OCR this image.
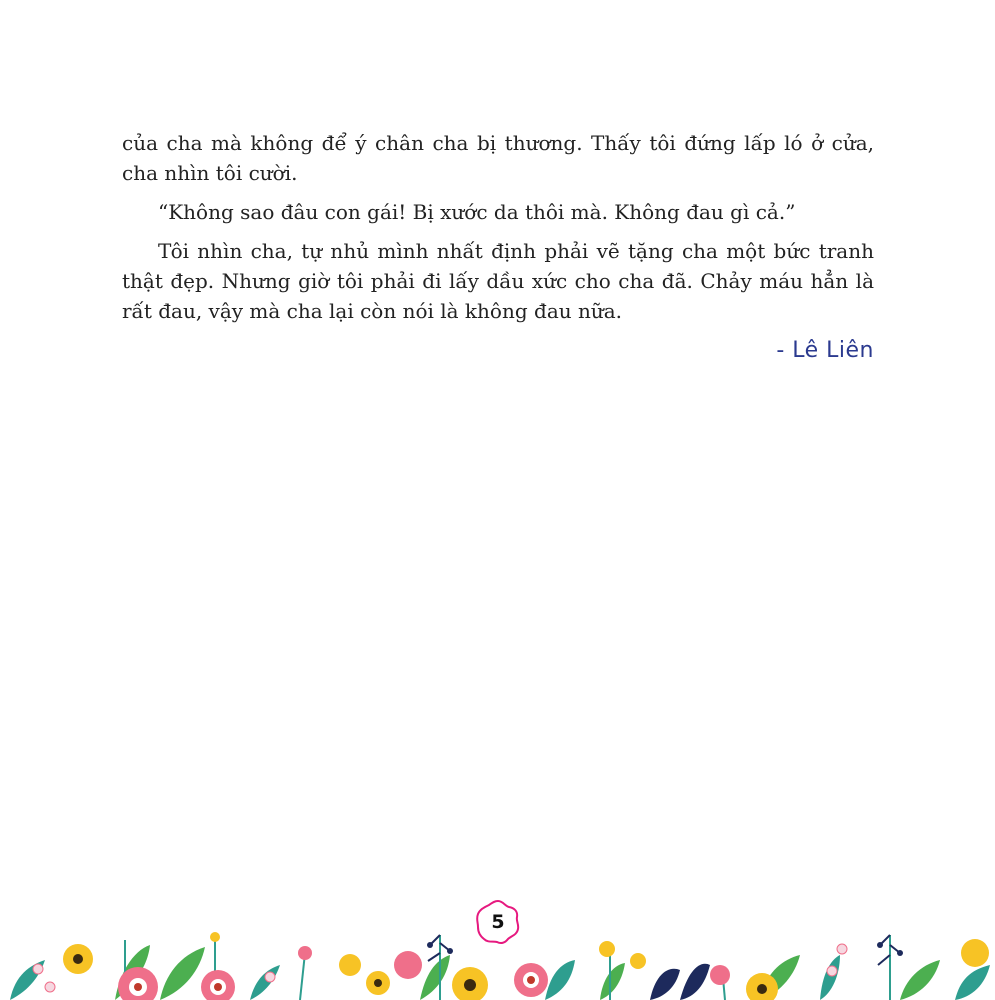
của cha mà không để ý chân cha bị thương. Thấy tôi đứng lấp ló ở cửa, cha nhìn tôi cười.

“Không sao đâu con gái! Bị xước da thôi mà. Không đau gì cả.”

Tôi nhìn cha, tự nhủ mình nhất định phải vẽ tặng cha một bức tranh thật đẹp. Nhưng giờ tôi phải đi lấy dầu xức cho cha đã. Chảy máu hẳn là rất đau, vậy mà cha lại còn nói là không đau nữa.

- Lê Liên
5
